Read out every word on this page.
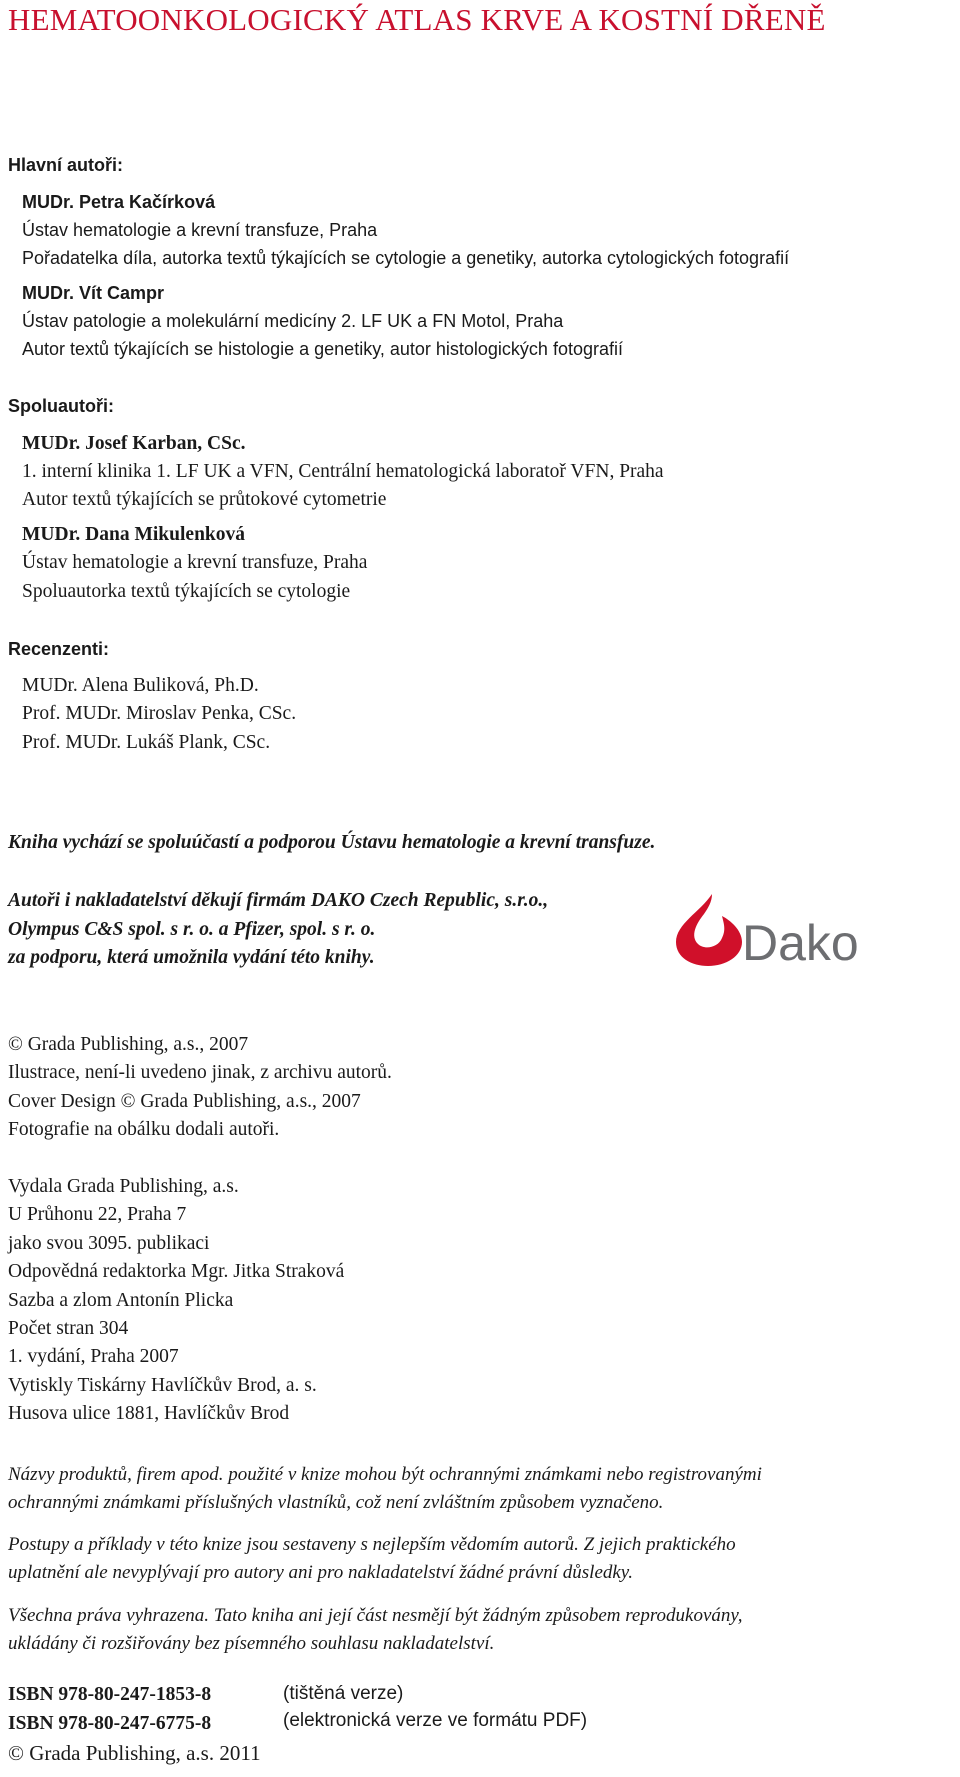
HEMATOONKOLOGICKÝ ATLAS KRVE A KOSTNÍ DŘENĚ
Hlavní autoři:
MUDr. Petra Kačírková
Ústav hematologie a krevní transfuze, Praha
Pořadatelka díla, autorka textů týkajících se cytologie a genetiky, autorka cytologických fotografií
MUDr. Vít Campr
Ústav patologie a molekulární medicíny 2. LF UK a FN Motol, Praha
Autor textů týkajících se histologie a genetiky, autor histologických fotografií
Spoluautoři:
MUDr. Josef Karban, CSc.
1. interní klinika 1. LF UK a VFN, Centrální hematologická laboratoř VFN, Praha
Autor textů týkajících se průtokové cytometrie
MUDr. Dana Mikulenková
Ústav hematologie a krevní transfuze, Praha
Spoluautorka textů týkajících se cytologie
Recenzenti:
MUDr. Alena Buliková, Ph.D.
Prof. MUDr. Miroslav Penka, CSc.
Prof. MUDr. Lukáš Plank, CSc.
Kniha vychází se spoluúčastí a podporou Ústavu hematologie a krevní transfuze.
Autoři i nakladatelství děkují firmám DAKO Czech Republic, s.r.o.,
Olympus C&S spol. s r. o. a Pfizer, spol. s r. o.
za podporu, která umožnila vydání této knihy.	Dako
© Grada Publishing, a.s., 2007
Ilustrace, není-li uvedeno jinak, z archivu autorů.
Cover Design © Grada Publishing, a.s., 2007
Fotografie na obálku dodali autoři.
Vydala Grada Publishing, a.s.
U Průhonu 22, Praha 7
jako svou 3095. publikaci
Odpovědná redaktorka Mgr. Jitka Straková
Sazba a zlom Antonín Plicka
Počet stran 304
1. vydání, Praha 2007
Vytiskly Tiskárny Havlíčkův Brod, a. s.
Husova ulice 1881, Havlíčkův Brod
Názvy produktů, firem apod. použité v knize mohou být ochrannými známkami nebo registrovanými
ochrannými známkami příslušných vlastníků, což není zvláštním způsobem vyznačeno.
Postupy a příklady v této knize jsou sestaveny s nejlepším vědomím autorů. Z jejich praktického
uplatnění ale nevyplývají pro autory ani pro nakladatelství žádné právní důsledky.
Všechna práva vyhrazena. Tato kniha ani její část nesmějí být žádným způsobem reprodukovány,
ukládány či rozšiřovány bez písemného souhlasu nakladatelství.
ISBN 978-80-247-1853-8	(tištěná verze)
ISBN 978-80-247-6775-8	(elektronická verze ve formátu PDF)
© Grada Publishing, a.s. 2011
